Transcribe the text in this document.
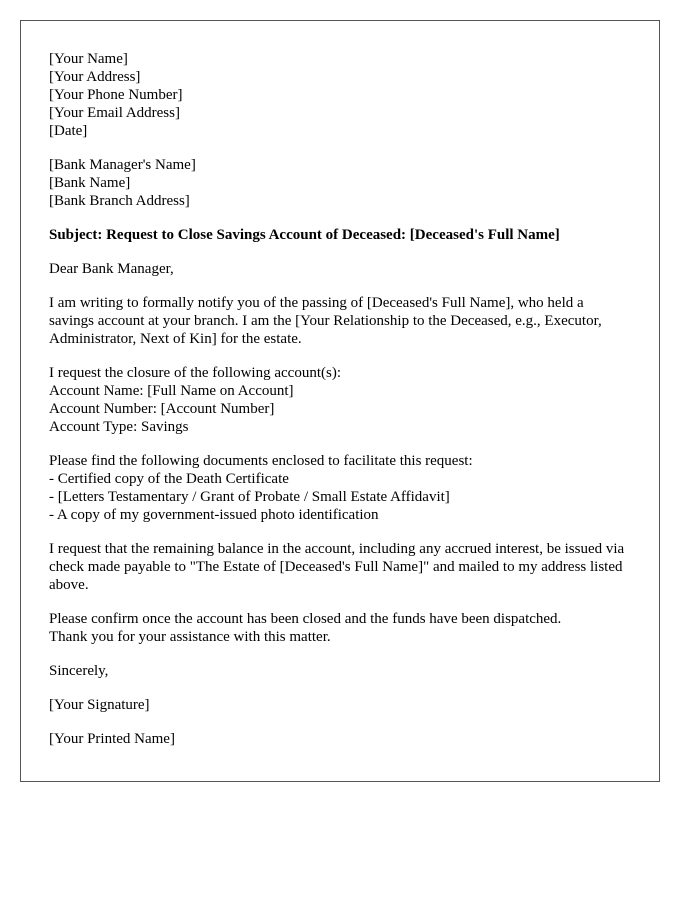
[Your Name]
[Your Address]
[Your Phone Number]
[Your Email Address]
[Date]
[Bank Manager's Name]
[Bank Name]
[Bank Branch Address]
Subject: Request to Close Savings Account of Deceased: [Deceased's Full Name]

Dear Bank Manager,

I am writing to formally notify you of the passing of [Deceased's Full Name], who held a savings account at your branch. I am the [Your Relationship to the Deceased, e.g., Executor, Administrator, Next of Kin] for the estate.

I request the closure of the following account(s):
Account Name: [Full Name on Account]
Account Number: [Account Number]
Account Type: Savings
Please find the following documents enclosed to facilitate this request:
- Certified copy of the Death Certificate
- [Letters Testamentary / Grant of Probate / Small Estate Affidavit]
- A copy of my government-issued photo identification

I request that the remaining balance in the account, including any accrued interest, be issued via check made payable to "The Estate of [Deceased's Full Name]" and mailed to my address listed above.

Please confirm once the account has been closed and the funds have been dispatched.
Thank you for your assistance with this matter.

Sincerely,

[Your Signature]

[Your Printed Name]
